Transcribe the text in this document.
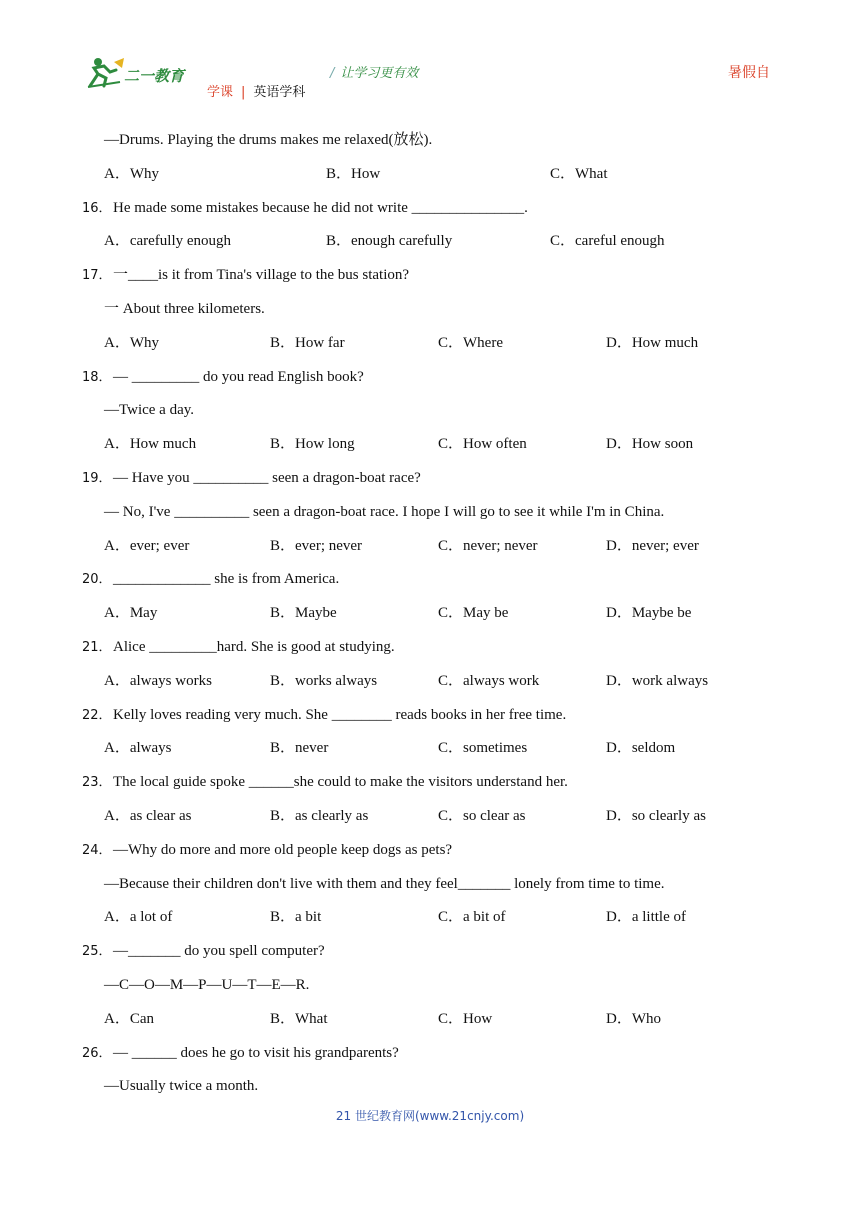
二一教育	/ 让学习更有效	暑假自
学课 | 英语学科
—Drums. Playing the drums makes me relaxed(放松).
A．Why	B．How	C．What
16． He made some mistakes because he did not write _______________.
A．carefully enough	B．enough carefully	C．careful enough
17． 一____is it from Tina's village to the bus station?
一 About three kilometers.
A．Why	B．How far	C．Where	D．How much
18． — _________ do you read English book?
—Twice a day.
A．How much	B．How long	C．How often	D．How soon
19． — Have you __________ seen a dragon-boat race?
— No, I've __________ seen a dragon-boat race. I hope I will go to see it while I'm in China.
A．ever; ever	B．ever; never	C．never; never	D．never; ever
20． _____________ she is from America.
A．May	B．Maybe	C．May be	D．Maybe be
21． Alice _________hard. She is good at studying.
A．always works	B．works always	C．always work	D．work always
22． Kelly loves reading very much. She ________ reads books in her free time.
A．always	B．never	C．sometimes	D．seldom
23． The local guide spoke ______she could to make the visitors understand her.
A．as clear as	B．as clearly as	C．so clear as	D．so clearly as
24． —Why do more and more old people keep dogs as pets?
—Because their children don't live with them and they feel_______ lonely from time to time.
A．a lot of	B．a bit	C．a bit of	D．a little of
25． —_______ do you spell computer?
—C—O—M—P—U—T—E—R.
A．Can	B．What	C．How	D．Who
26． — ______ does he go to visit his grandparents?
—Usually twice a month.
21 世纪教育网(www.21cnjy.com)
